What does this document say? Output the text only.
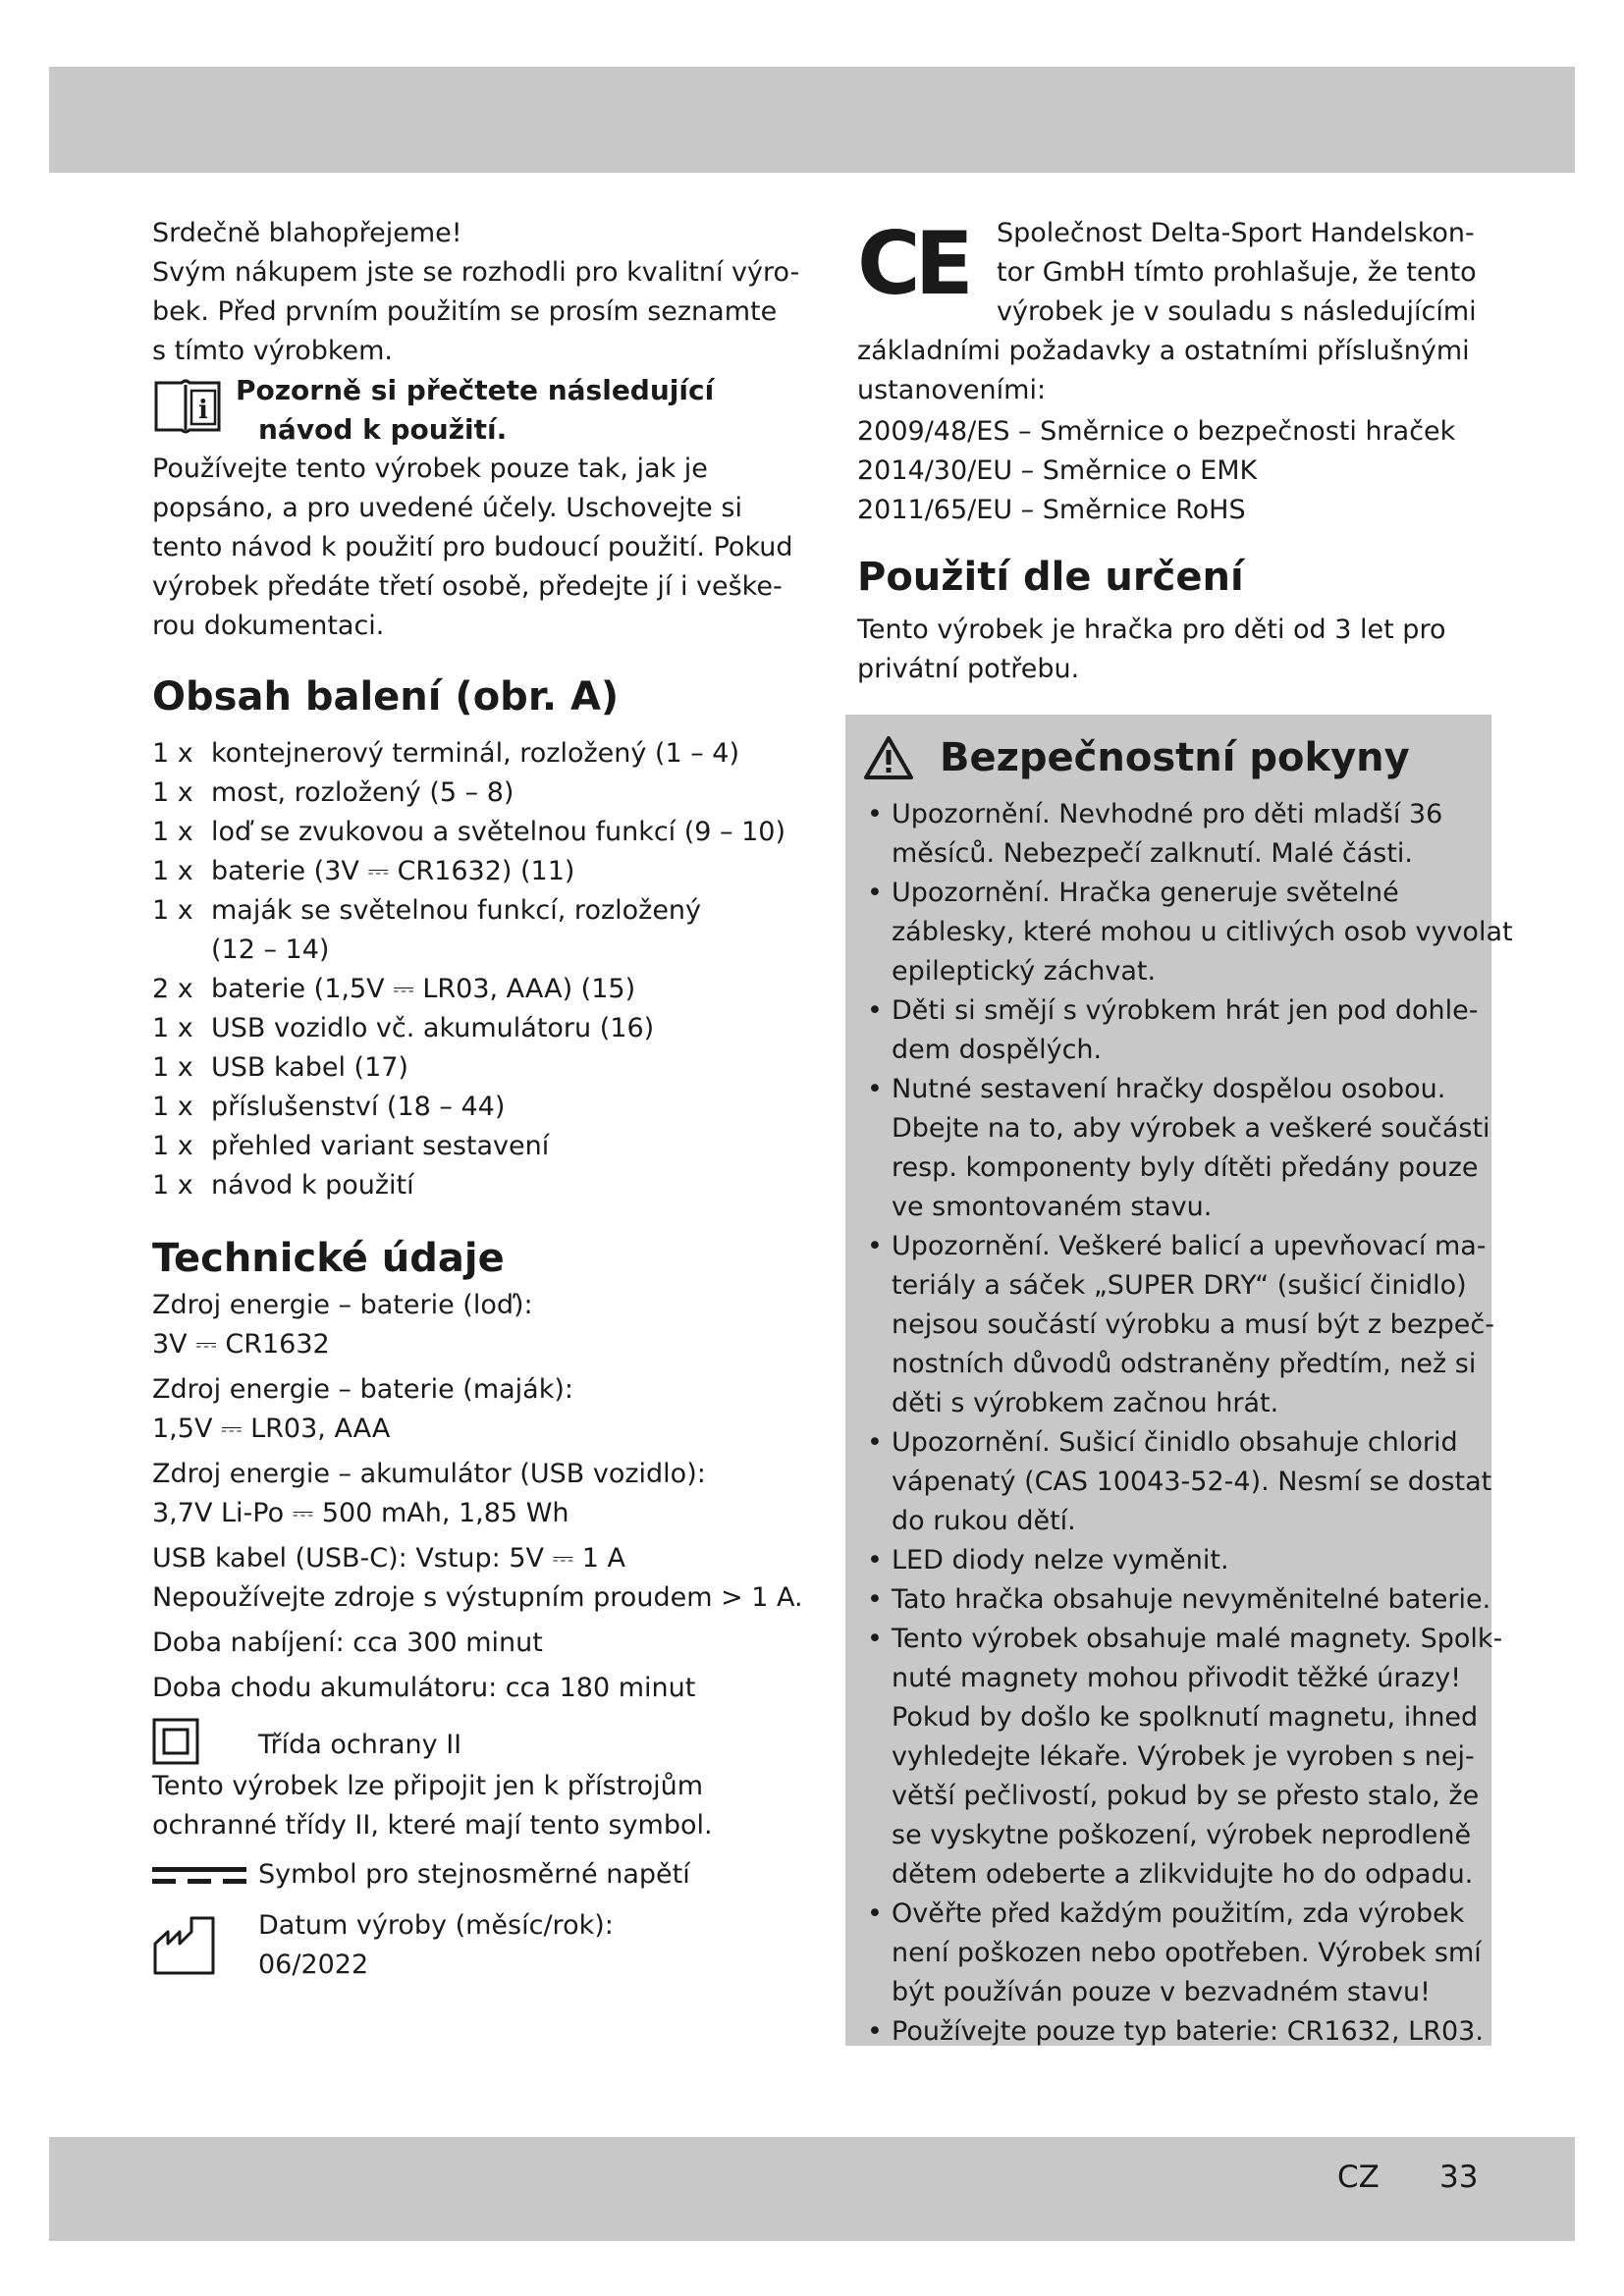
CZ 33

Srdečně blahopřejeme!

Svým nákupem jste se rozhodli pro kvalitní výro-

bek. Před prvním použitím se prosím seznamte

s tímto výrobkem.

i

Pozorně si přečtete následující

návod k použití.

Používejte tento výrobek pouze tak, jak je

popsáno, a pro uvedené účely. Uschovejte si

tento návod k použití pro budoucí použití. Pokud

výrobek předáte třetí osobě, předejte jí i veške-

rou dokumentaci.

Obsah balení (obr. A)
1 x kontejnerový terminál, rozložený (1 – 4)
1 x most, rozložený (5 – 8)
1 x loď se zvukovou a světelnou funkcí (9 – 10)
1 x baterie (3V ⎓ CR1632) (11)
1 x maják se světelnou funkcí, rozložený
(12 – 14)
2 x baterie (1,5V ⎓ LR03, AAA) (15)
1 x USB vozidlo vč. akumulátoru (16)
1 x USB kabel (17)
1 x příslušenství (18 – 44)
1 x přehled variant sestavení
1 x návod k použití
Technické údaje

Zdroj energie – baterie (loď):

3V ⎓ CR1632

Zdroj energie – baterie (maják):

1,5V ⎓ LR03, AAA

Zdroj energie – akumulátor (USB vozidlo):

3,7V Li-Po ⎓ 500 mAh, 1,85 Wh

USB kabel (USB-C): Vstup: 5V ⎓ 1 A

Nepoužívejte zdroje s výstupním proudem > 1 A.

Doba nabíjení: cca 300 minut

Doba chodu akumulátoru: cca 180 minut

Třída ochrany II

Tento výrobek lze připojit jen k přístrojům

ochranné třídy II, které mají tento symbol.

Symbol pro stejnosměrné napětí

Datum výroby (měsíc/rok):

06/2022

CE Společnost Delta-Sport Handelskon-

tor GmbH tímto prohlašuje, že tento

výrobek je v souladu s následujícími

základními požadavky a ostatními příslušnými

ustanoveními:

2009/48/ES – Směrnice o bezpečnosti hraček

2014/30/EU – Směrnice o EMK

2011/65/EU – Směrnice RoHS

Použití dle určení

Tento výrobek je hračka pro děti od 3 let pro

privátní potřebu.

Bezpečnostní pokyny

• Upozornění. Nevhodné pro děti mladší 36

měsíců. Nebezpečí zalknutí. Malé části.

• Upozornění. Hračka generuje světelné

záblesky, které mohou u citlivých osob vyvolat

epileptický záchvat.

• Děti si smějí s výrobkem hrát jen pod dohle-

dem dospělých.

• Nutné sestavení hračky dospělou osobou.

Dbejte na to, aby výrobek a veškeré součásti

resp. komponenty byly dítěti předány pouze

ve smontovaném stavu.

• Upozornění. Veškeré balicí a upevňovací ma-

teriály a sáček „SUPER DRY“ (sušicí činidlo)

nejsou součástí výrobku a musí být z bezpeč-

nostních důvodů odstraněny předtím, než si

děti s výrobkem začnou hrát.

• Upozornění. Sušicí činidlo obsahuje chlorid

vápenatý (CAS 10043-52-4). Nesmí se dostat

do rukou dětí.

• LED diody nelze vyměnit.

• Tato hračka obsahuje nevyměnitelné baterie.

• Tento výrobek obsahuje malé magnety. Spolk-

nuté magnety mohou přivodit těžké úrazy!

Pokud by došlo ke spolknutí magnetu, ihned

vyhledejte lékaře. Výrobek je vyroben s nej-

větší pečlivostí, pokud by se přesto stalo, že

se vyskytne poškození, výrobek neprodleně

dětem odeberte a zlikvidujte ho do odpadu.

• Ověřte před každým použitím, zda výrobek

není poškozen nebo opotřeben. Výrobek smí

být používán pouze v bezvadném stavu!

• Používejte pouze typ baterie: CR1632, LR03.
